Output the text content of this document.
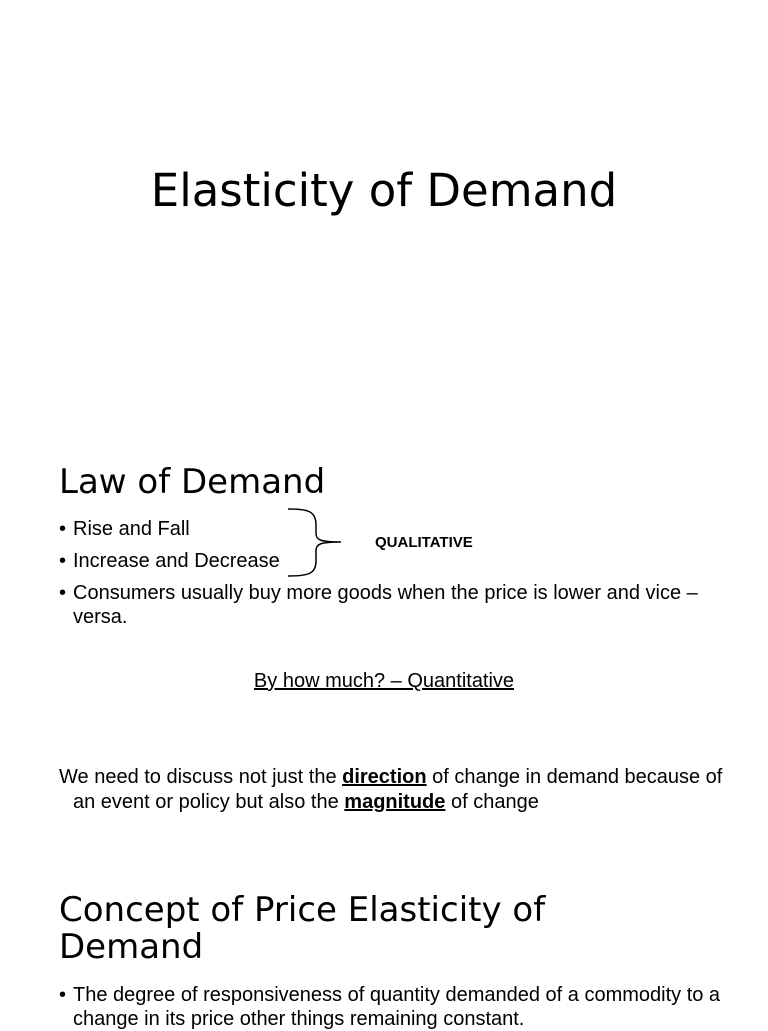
Elasticity of Demand
Law of Demand
• Rise and Fall
• Increase and Decrease
• Consumers usually buy more goods when the price is lower and vice – versa.
QUALITATIVE
By how much? – Quantitative
We need to discuss not just the direction of change in demand because of an event or policy but also the magnitude of change
Concept of Price Elasticity of
Demand
• The degree of responsiveness of quantity demanded of a commodity to a change in its price other things remaining constant.
